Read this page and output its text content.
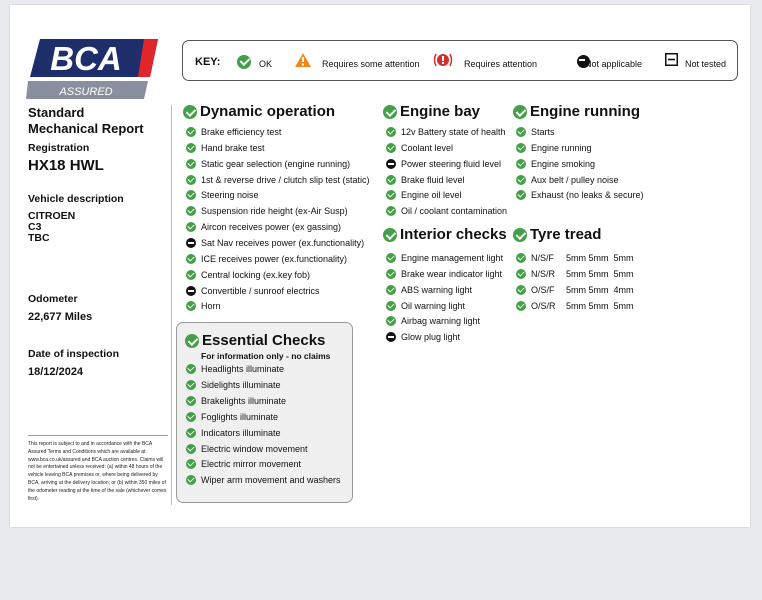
BCA
ASSURED
KEY:
	OK	Requires some attention	Requires attention	Not applicable	Not tested
Standard
Mechanical Report
Registration
HX18 HWL
Vehicle description
CITROEN
C3
TBC
Odometer
22,677 Miles
Date of inspection
18/12/2024
This report is subject to and in accordance with the BCA Assured Terms and Conditions which are available at www.bca.co.uk/assured and BCA auction centres. Claims will not be entertained unless received: (a) within 48 hours of the vehicle leaving BCA premises or, where being delivered by BCA, arriving at the delivery location; or (b) within 350 miles of the odometer reading at the time of the sale (whichever comes first).
Dynamic operation	Engine bay	Engine running
Interior checks Tyre tread
Essential Checks
For information only - no claims
Brake efficiency test
Hand brake test
Static gear selection (engine running)
1st & reverse drive / clutch slip test (static)
Steering noise
Suspension ride height (ex-Air Susp)
Aircon receives power (ex gassing)
Sat Nav receives power (ex.functionality)
ICE receives power (ex.functionality)
Central locking (ex.key fob)
Convertible / sunroof electrics
Horn
12v Battery state of health
Coolant level
Power steering fluid level
Brake fluid level
Engine oil level
Oil / coolant contamination
Starts
Engine running
Engine smoking
Aux belt / pulley noise
Exhaust (no leaks & secure)
Engine management light
Brake wear indicator light
ABS warning light
Oil warning light
Airbag warning light
Glow plug light
N/S/F 5mm 5mm  5mm
N/S/R 5mm 5mm  5mm
O/S/F 5mm 5mm  4mm
O/S/R 5mm 5mm  5mm
Headlights illuminate
Sidelights illuminate
Brakelights illuminate
Foglights illuminate
Indicators illuminate
Electric window movement
Electric mirror movement
Wiper arm movement and washers
